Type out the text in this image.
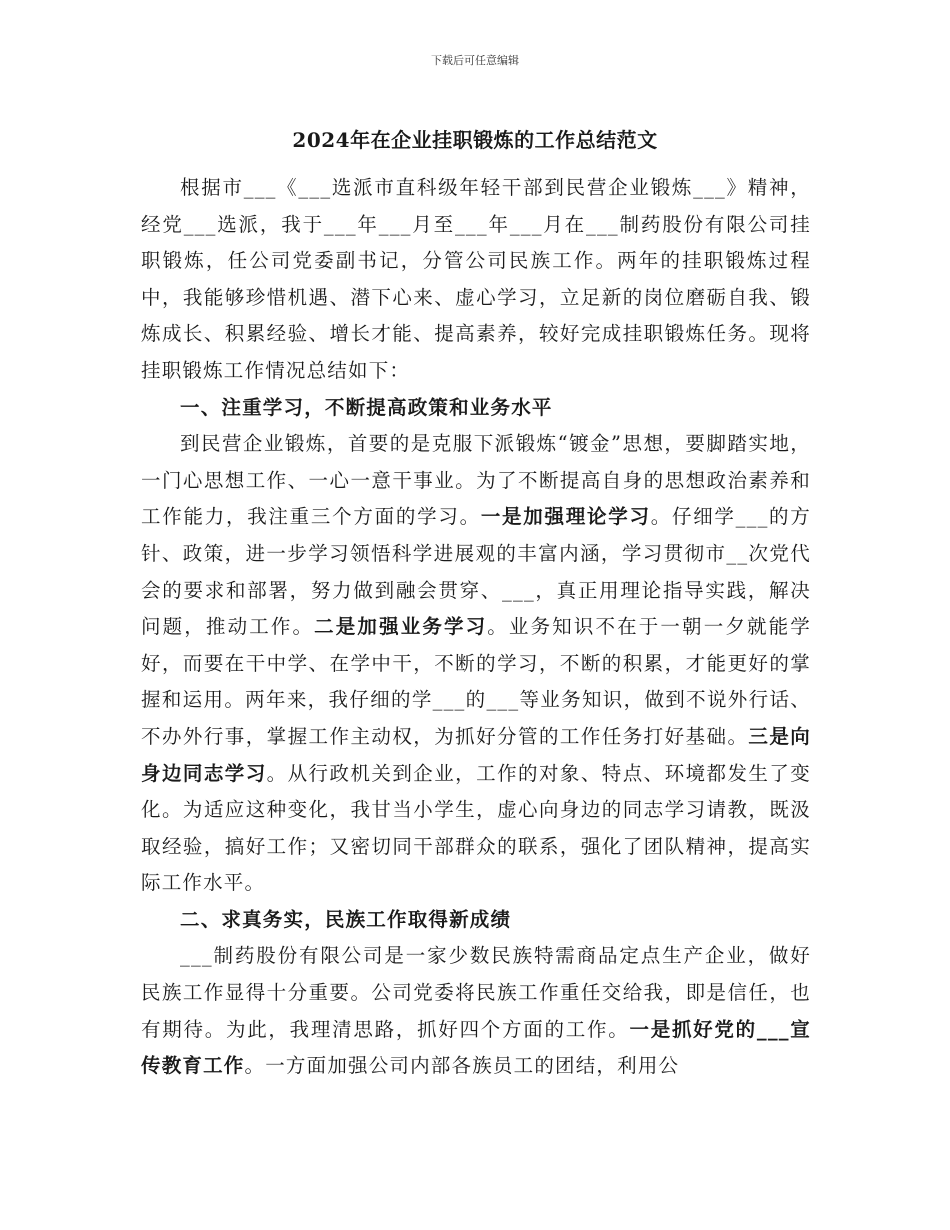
下载后可任意编辑
2024年在企业挂职锻炼的工作总结范文

根据市___《___选派市直科级年轻干部到民营企业锻炼___》精神，经党___选派，我于___年___月至___年___月在___制药股份有限公司挂职锻炼，任公司党委副书记，分管公司民族工作。两年的挂职锻炼过程中，我能够珍惜机遇、潜下心来、虚心学习，立足新的岗位磨砺自我、锻炼成长、积累经验、增长才能、提高素养，较好完成挂职锻炼任务。现将挂职锻炼工作情况总结如下：

一、注重学习，不断提高政策和业务水平

到民营企业锻炼，首要的是克服下派锻炼“镀金”思想，要脚踏实地，一门心思想工作、一心一意干事业。为了不断提高自身的思想政治素养和工作能力，我注重三个方面的学习。一是加强理论学习。仔细学___的方针、政策，进一步学习领悟科学进展观的丰富内涵，学习贯彻市__次党代会的要求和部署，努力做到融会贯穿、___，真正用理论指导实践，解决问题，推动工作。二是加强业务学习。业务知识不在于一朝一夕就能学好，而要在干中学、在学中干，不断的学习，不断的积累，才能更好的掌握和运用。两年来，我仔细的学___的___等业务知识，做到不说外行话、不办外行事，掌握工作主动权，为抓好分管的工作任务打好基础。三是向身边同志学习。从行政机关到企业，工作的对象、特点、环境都发生了变化。为适应这种变化，我甘当小学生，虚心向身边的同志学习请教，既汲取经验，搞好工作；又密切同干部群众的联系，强化了团队精神，提高实际工作水平。

二、求真务实，民族工作取得新成绩

___制药股份有限公司是一家少数民族特需商品定点生产企业，做好民族工作显得十分重要。公司党委将民族工作重任交给我，即是信任，也有期待。为此，我理清思路，抓好四个方面的工作。一是抓好党的___宣传教育工作。一方面加强公司内部各族员工的团结，利用公
